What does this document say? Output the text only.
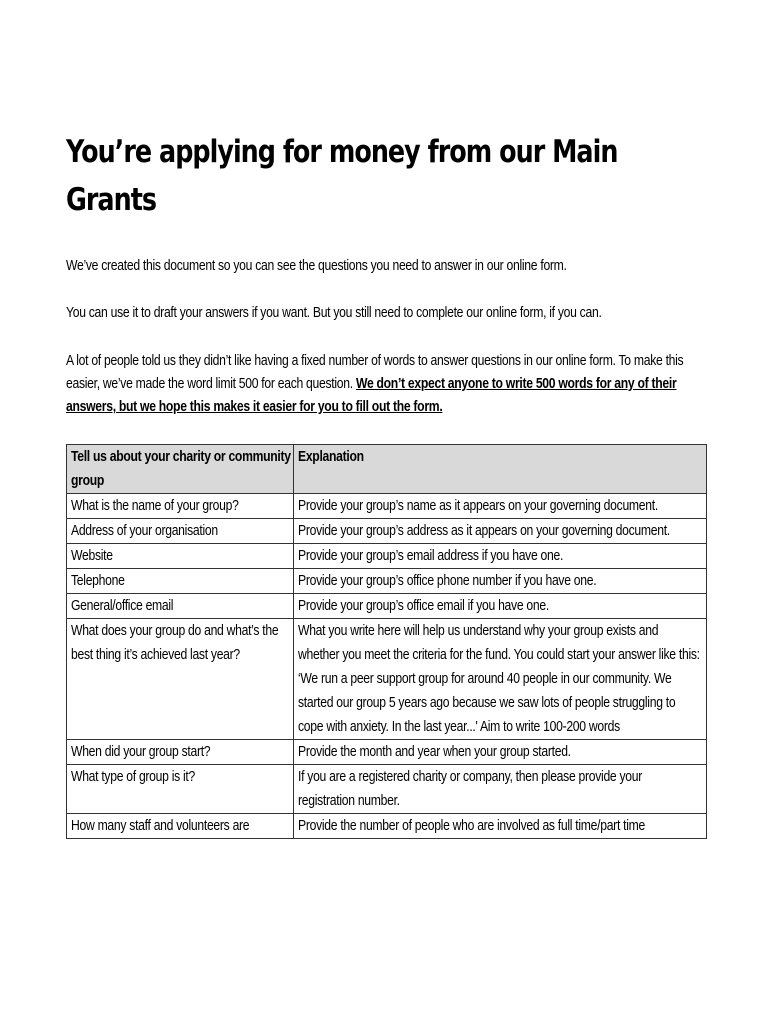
You’re applying for money from our Main Grants

We’ve created this document so you can see the questions you need to answer in our online form.

You can use it to draft your answers if you want. But you still need to complete our online form, if you can.

A lot of people told us they didn’t like having a fixed number of words to answer questions in our online form. To make this easier, we’ve made the word limit 500 for each question. We don’t expect anyone to write 500 words for any of their answers, but we hope this makes it easier for you to fill out the form.

Tell us about your charity or community group	Explanation

What is the name of your group?	Provide your group’s name as it appears on your governing document.

Address of your organisation	Provide your group’s address as it appears on your governing document.

Website	Provide your group’s email address if you have one.

Telephone	Provide your group’s office phone number if you have one.

General/office email	Provide your group’s office email if you have one.

What does your group do and what’s the best thing it’s achieved last year?	What you write here will help us understand why your group exists and whether you meet the criteria for the fund. You could start your answer like this: ‘We run a peer support group for around 40 people in our community. We started our group 5 years ago because we saw lots of people struggling to cope with anxiety. In the last year...' Aim to write 100-200 words

When did your group start?	Provide the month and year when your group started.

What type of group is it?	If you are a registered charity or company, then please provide your registration number.

How many staff and volunteers are	Provide the number of people who are involved as full time/part time
